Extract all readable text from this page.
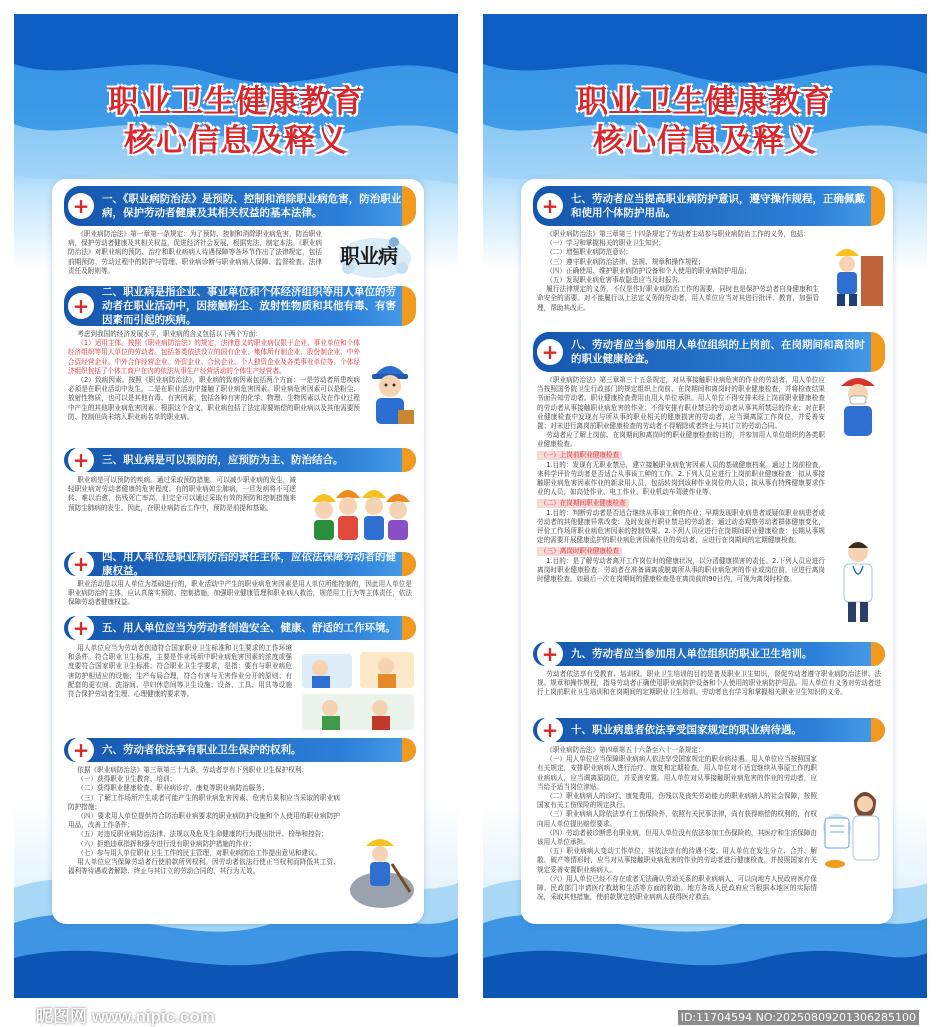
职业卫生健康教育
核心信息及释义
+	一、《职业病防治法》是预防、控制和消除职业病危害，防治职业病，保护劳动者健康及其相关权益的基本法律。

《职业病防治法》第一章第一条规定：为了预防、控制和消除职业病危害，防治职业病，保护劳动者健康及其相关权益，促进经济社会发展，根据宪法，制定本法。《职业病防治法》对职业病的预防、治疗和职业病病人待遇保障等各环节作出了法律规定，包括前期预防、劳动过程中的防护与管理、职业病诊断与职业病病人保障、监督检查、法律责任及附则等。

职业病
+
二、职业病是指企业、事业单位和个体经济组织等用人单位的劳动者在职业活动中，因接触粉尘、放射性物质和其他有毒、有害因素而引起的疾病。

考虑到我国的经济发展水平，职业病的含义包括以下两个方面：

（1）适用主体。按照《职业病防治法》的规定，法律意义的职业病仅限于企业、事业单位和个体经济组织等用人单位的劳动者。包括各类依法设立的国有企业、集体所有制企业、股份制企业、中外合资经营企业、中外合作经营企业、外资企业、合伙企业、个人独资企业及各类事业单位等。个体经济组织包括了个体工商户在内的依法从事生产经营活动的个体生产经营者。

（2）致病因素。按照《职业病防治法》，职业病的致病因素包括两个方面：一是劳动者所患疾病必须是在职业活动中发生。二是在职业活动中接触了职业病危害因素。职业病危害因素可以是粉尘、放射性物质，也可以是其他有毒、有害因素，包括各种有害的化学、物理、生物因素以及在作业过程中产生的其他职业病危害因素。根据这个含义，职业病包括了法定需要赔偿的职业病以及其他需要预防、控制但尚未纳入职业病名单的职业病。

+	三、职业病是可以预防的，应预防为主、防治结合。

职业病是可以预防的疾病。通过采取预防措施，可以减少职业病的发生，减轻职业病对劳动者健康的危害程度。有的职业病如尘肺病，一旦发病将不可逆转、难以治愈，伤残死亡率高，但完全可以通过采取有效的预防和控制措施来预防尘肺病的发生。因此，在职业病防治工作中，预防是前提和基础。

+	四、用人单位是职业病防治的责任主体，应依法保障劳动者的健康权益。

职业活动是以用人单位为基础进行的，职业活动中产生的职业病危害因素是用人单位所能控制的，因此用人单位是职业病防治的主体，应认真落实预防、控制措施，加强职业健康管理和职业病人救治，规范用工行为等主体责任，依法保障劳动者健康权益。

+	五、用人单位应当为劳动者创造安全、健康、舒适的工作环境。

用人单位应当为劳动者创造符合国家职业卫生标准和卫生要求的工作环境和条件。符合职业卫生标准，主要是作业场所中职业病危害因素的浓度或强度要符合国家职业卫生标准；符合职业卫生学要求，是指：要有与职业病危害防护相适应的设施；生产布局合理，符合有害与无害作业分开的原则；有配套的更衣间、洗浴间、孕妇休息间等卫生设施；设备、工具、用具等设施符合保护劳动者生理、心理健康的要求等。

+	六、劳动者依法享有职业卫生保护的权利。

依据《职业病防治法》第三章第三十九条，劳动者享有下列职业卫生保护权利：

（一）获得职业卫生教育、培训；

（二）获得职业健康检查、职业病诊疗、康复等职业病防治服务；

（三）了解工作场所产生或者可能产生的职业病危害因素、危害后果和应当采取的职业病防护措施；

（四）要求用人单位提供符合防治职业病要求的职业病防护设施和个人使用的职业病防护用品，改善工作条件；

（五）对违反职业病防治法律、法规以及危及生命健康的行为提出批评、检举和控告；

（六）拒绝违章指挥和强令进行没有职业病防护措施的作业；

（七）参与用人单位职业卫生工作的民主管理，对职业病防治工作提出意见和建议。

用人单位应当保障劳动者行使前款所列权利。因劳动者依法行使正当权利而降低其工资、福利等待遇或者解除、终止与其订立的劳动合同的，其行为无效。

昵图网 www.nipic.com
职业卫生健康教育
核心信息及释义
+	七、劳动者应当提高职业病防护意识，遵守操作规程，正确佩戴和使用个体防护用品。

《职业病防治法》第三章第三十四条规定了劳动者主动参与职业病防治工作的义务，包括：

（一）学习和掌握相关的职业卫生知识；

（二）增强职业病防范意识；

（三）遵守职业病防治法律、法规、规章和操作规程；

（四）正确使用、维护职业病防护设备和个人使用的职业病防护用品；

（五）发现职业病危害事故隐患应当及时报告。

履行法律规定的义务，不仅是作好职业病防治工作的需要，同时也是保护劳动者自身健康和生命安全的需要。对不能履行以上法定义务的劳动者，用人单位应当对其进行批评、教育，加强管理，帮助其改正。

+	八、劳动者应当参加用人单位组织的上岗前、在岗期间和离岗时的职业健康检查。

《职业病防治法》第三章第三十五条规定，对从事接触职业病危害的作业的劳动者，用人单位应当按照国务院卫生行政部门的规定组织上岗前、在岗期间和离岗时的职业健康检查，并将检查结果书面告知劳动者。职业健康检查费用由用人单位承担。用人单位不得安排未经上岗前职业健康检查的劳动者从事接触职业病危害的作业；不得安排有职业禁忌的劳动者从事其所禁忌的作业；对在职业健康检查中发现有与所从事的职业相关的健康损害的劳动者，应当调离原工作岗位，并妥善安置；对未进行离岗前职业健康检查的劳动者不得解除或者终止与其订立的劳动合同。

劳动者应了解上岗前、在岗期间和离岗时的职业健康检查的目的，并参加用人单位组织的各类职业健康检查。

（一）上岗前职业健康检查

1.目的：发现有无职业禁忌，建立接触职业病危害因素人员的基础健康档案。通过上岗前检查，来科学评价劳动者是否适合从事该工种的工作。2.下列人员应进行上岗前职业健康检查：拟从事接触职业病危害因素作业的新录用人员，包括转岗到该种作业岗位的人员；拟从事有特殊健康要求作业的人员，如高处作业、电工作业、职业机动车驾驶作业等。

（二）在岗期间职业健康检查

1.目的：判断劳动者是否适合继续从事该工种的作业；早期发现职业病患者或疑似职业病患者或劳动者的其他健康异常改变；及时发现有职业禁忌的劳动者；通过动态观察劳动者群体健康变化，评价工作场所职业病危害因素的控制效果。2.下列人员应进行在岗期间职业健康检查：长期从事规定的需要开展健康监护的职业病危害因素作业的劳动者，应进行在岗期间的定期健康检查。

（三）离岗时职业健康检查

1.目的：是了解劳动者离开工作岗位时的健康状况，以分清健康损害的责任。2.下列人员应进行离岗时职业健康检查：劳动者在准备调离或脱离所从事的职业病危害的作业或岗位前，应进行离岗时健康检查。如最后一次在岗期间的健康检查是在离岗前的90日内，可视为离岗时检查。

+	九、劳动者应当参加用人单位组织的职业卫生培训。

劳动者依法享有受教育、培训权。职业卫生培训的目的是普及职业卫生知识，督促劳动者遵守职业病防治法律、法规、规章和操作规程，指导劳动者正确使用职业病防护设备和个人使用的职业病防护用品。用人单位有义务对劳动者进行上岗前职业卫生培训和在岗期间的定期职业卫生培训。劳动者也有学习和掌握相关职业卫生知识的义务。

+	十、职业病患者依法享受国家规定的职业病待遇。

《职业病防治法》第四章第五十六条至六十一条规定：

（一）用人单位应当保障职业病病人依法享受国家规定的职业病待遇。用人单位应当按照国家有关规定，安排职业病病人进行治疗、康复和定期检查。用人单位对不适宜继续从事原工作的职业病病人，应当调离原岗位，并妥善安置。用人单位对从事接触职业病危害的作业的劳动者，应当给予适当岗位津贴。

（二）职业病病人的诊疗、康复费用，伤残以及丧失劳动能力的职业病病人的社会保障，按照国家有关工伤保险的规定执行。

（三）职业病病人除依法享有工伤保险外，依照有关民事法律，尚有获得赔偿的权利的，有权向用人单位提出赔偿要求。

（四）劳动者被诊断患有职业病，但用人单位没有依法参加工伤保险的，其医疗和生活保障由该用人单位承担。

（五）职业病病人变动工作单位，其依法享有的待遇不变。用人单位在发生分立、合并、解散、破产等情形时，应当对从事接触职业病危害的作业的劳动者进行健康检查，并按照国家有关规定妥善安置职业病病人。

（六）用人单位已经不存在或者无法确认劳动关系的职业病病人，可以向地方人民政府医疗保障、民政部门申请医疗救助和生活等方面的救助。地方各级人民政府应当根据本地区的实际情况，采取其他措施，使前款规定的职业病病人获得医疗救治。

ID:11704594 NO:20250809201306285100
